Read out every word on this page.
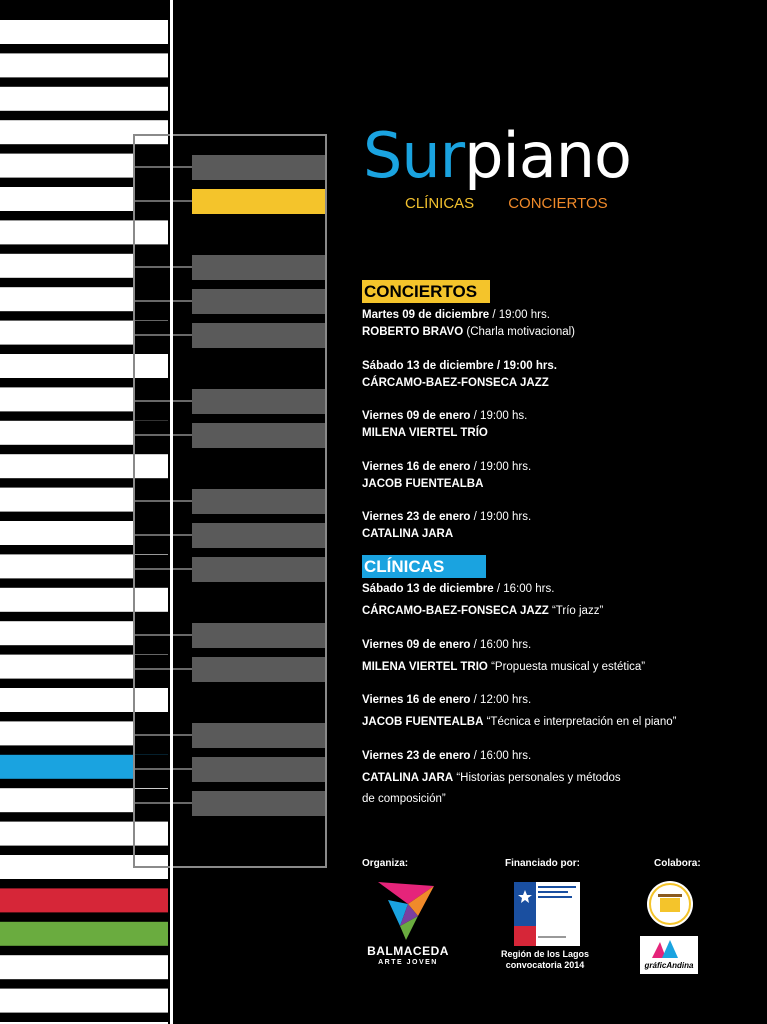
Surpiano
CLÍNICAS CONCIERTOS
CONCIERTOS
Martes 09 de diciembre / 19:00 hrs.
ROBERTO BRAVO (Charla motivacional)
Sábado 13 de diciembre / 19:00 hrs.
CÁRCAMO-BAEZ-FONSECA JAZZ
Viernes 09 de enero / 19:00 hs.
MILENA VIERTEL TRÍO
Viernes 16 de enero / 19:00 hrs.
JACOB FUENTEALBA
Viernes 23 de enero / 19:00 hrs.
CATALINA JARA
CLÍNICAS
Sábado 13 de diciembre / 16:00 hrs.
CÁRCAMO-BAEZ-FONSECA JAZZ “Trío jazz”
Viernes 09 de enero / 16:00 hrs.
MILENA VIERTEL TRIO “Propuesta musical y estética”
Viernes 16 de enero / 12:00 hrs.
JACOB FUENTEALBA “Técnica e interpretación en el piano”
Viernes 23 de enero / 16:00 hrs.
CATALINA JARA “Historias personales y métodos
de composición”
Organiza:	Financiado por:	Colabora:
BALMACEDA
ARTE JOVEN
Región de los Lagos
convocatoria 2014	gráficAndina
